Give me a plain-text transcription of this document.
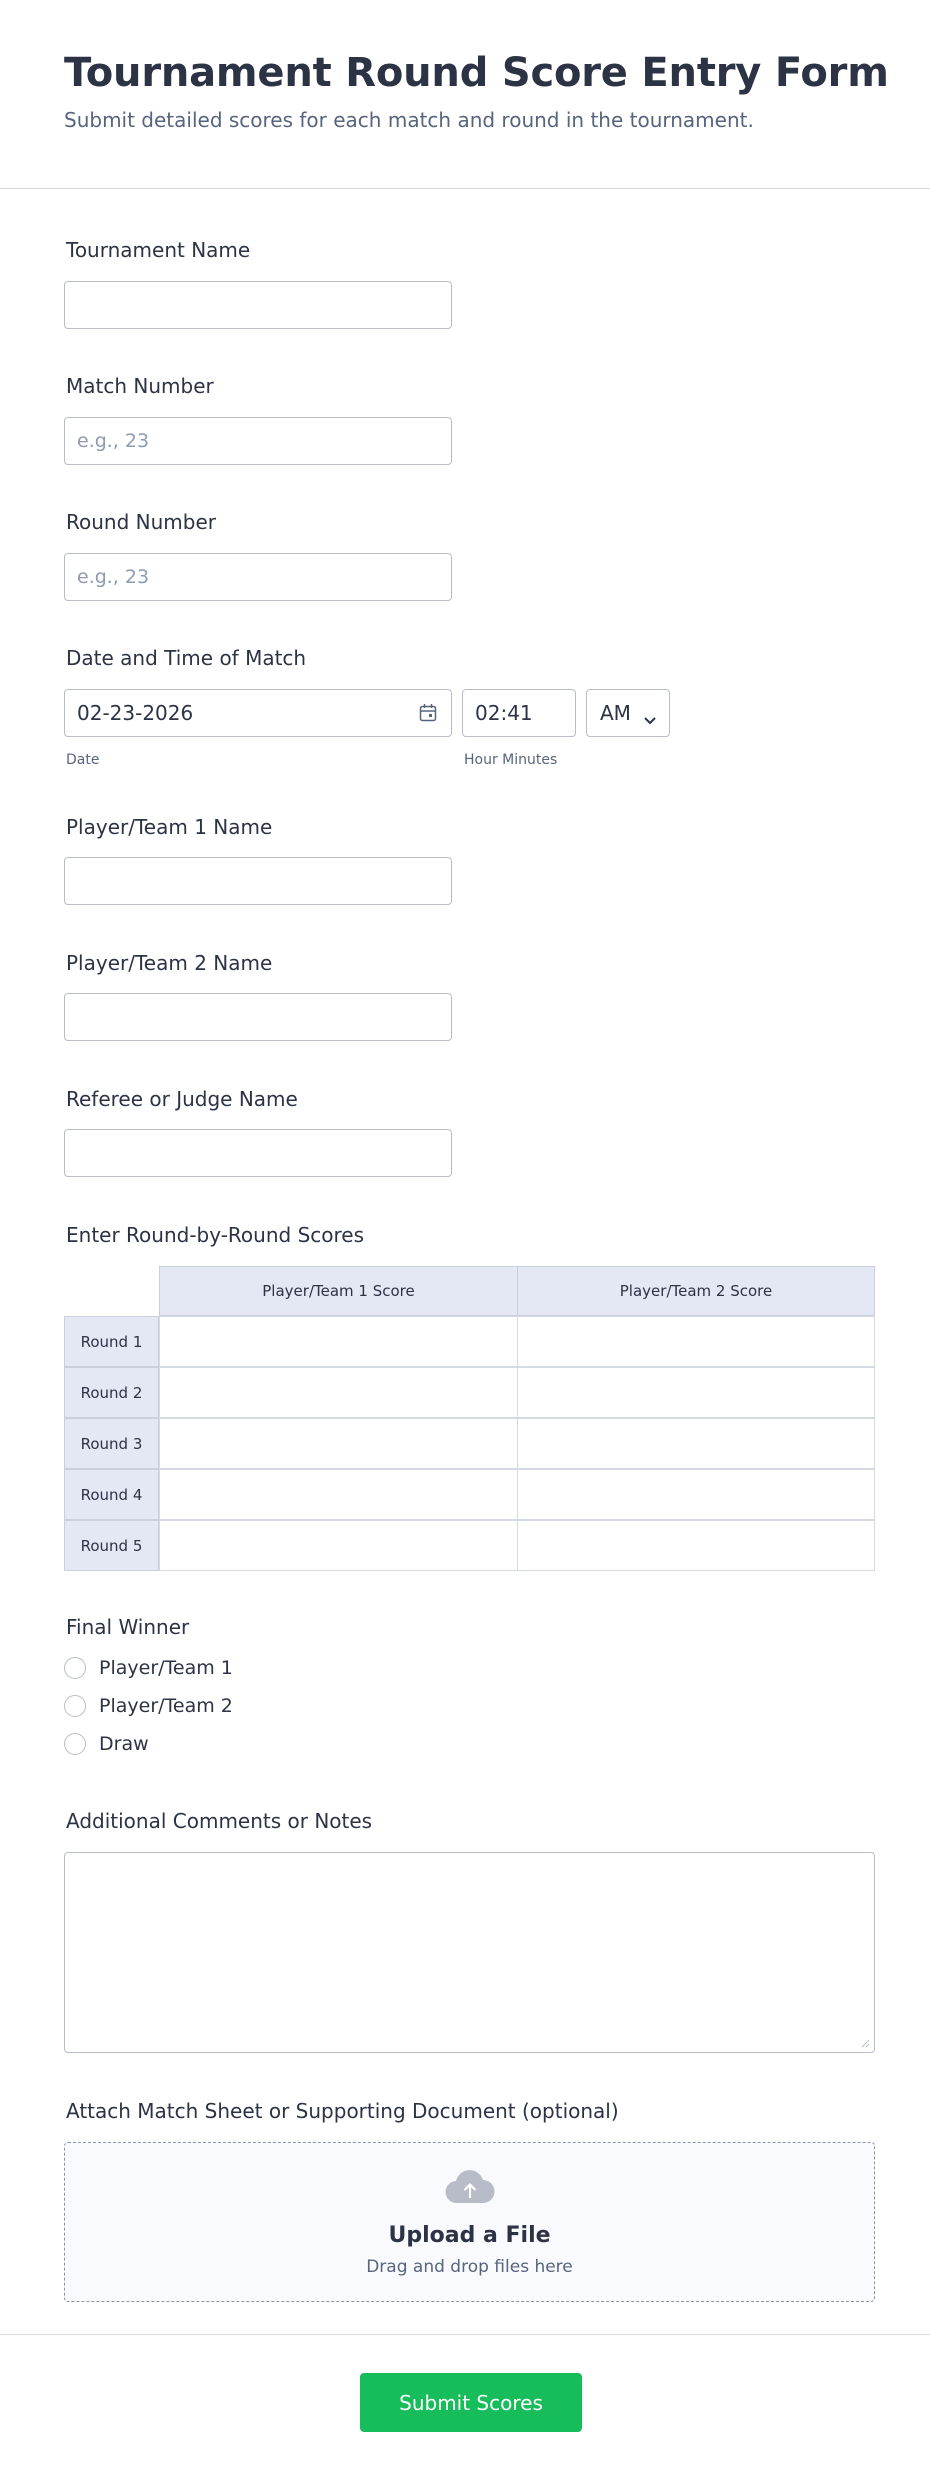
Tournament Round Score Entry Form
Submit detailed scores for each match and round in the tournament.
Tournament Name
Match Number
e.g., 23
Round Number
e.g., 23
Date and Time of Match
02-23-2026
Date
02:41
Hour Minutes
AM
Player/Team 1 Name
Player/Team 2 Name
Referee or Judge Name
Enter Round-by-Round Scores
Player/Team 1 Score	Player/Team 2 Score
Round 1
Round 2
Round 3
Round 4
Round 5
Final Winner
Player/Team 1
Player/Team 2
Draw
Additional Comments or Notes
Attach Match Sheet or Supporting Document (optional)
Upload a File
Drag and drop files here
Submit Scores
